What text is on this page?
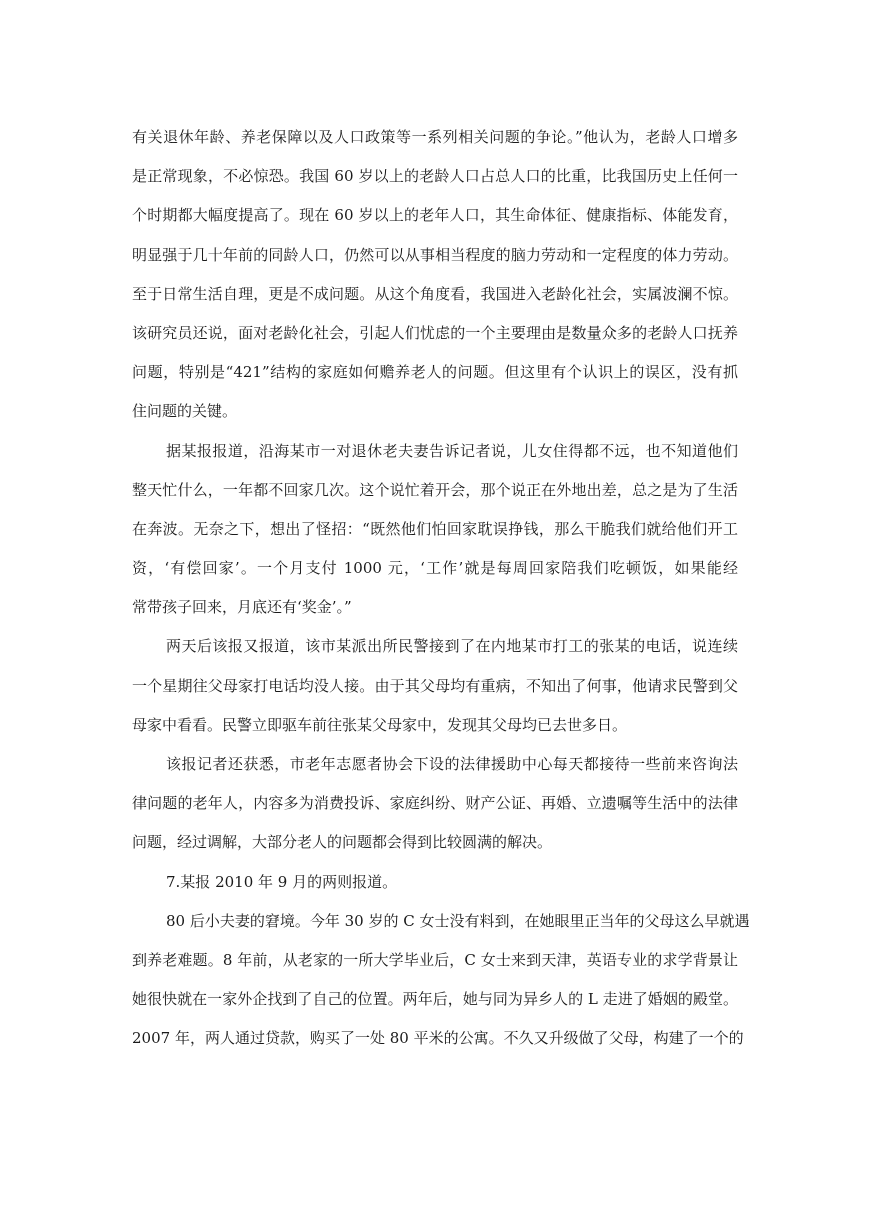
有关退休年龄、养老保障以及人口政策等一系列相关问题的争论。”他认为，老龄人口增多
是正常现象，不必惊恐。我国 60 岁以上的老龄人口占总人口的比重，比我国历史上任何一
个时期都大幅度提高了。现在 60 岁以上的老年人口，其生命体征、健康指标、体能发育，
明显强于几十年前的同龄人口，仍然可以从事相当程度的脑力劳动和一定程度的体力劳动。
至于日常生活自理，更是不成问题。从这个角度看，我国进入老龄化社会，实属波澜不惊。
该研究员还说，面对老龄化社会，引起人们忧虑的一个主要理由是数量众多的老龄人口抚养
问题，特别是“421”结构的家庭如何赡养老人的问题。但这里有个认识上的误区，没有抓
住问题的关键。
据某报报道，沿海某市一对退休老夫妻告诉记者说，儿女住得都不远，也不知道他们
整天忙什么，一年都不回家几次。这个说忙着开会，那个说正在外地出差，总之是为了生活
在奔波。无奈之下，想出了怪招：“既然他们怕回家耽误挣钱，那么干脆我们就给他们开工
资，‘有偿回家’。一个月支付 1000 元，‘工作’就是每周回家陪我们吃顿饭，如果能经
常带孩子回来，月底还有‘奖金’。”
两天后该报又报道，该市某派出所民警接到了在内地某市打工的张某的电话，说连续
一个星期往父母家打电话均没人接。由于其父母均有重病，不知出了何事，他请求民警到父
母家中看看。民警立即驱车前往张某父母家中，发现其父母均已去世多日。
该报记者还获悉，市老年志愿者协会下设的法律援助中心每天都接待一些前来咨询法
律问题的老年人，内容多为消费投诉、家庭纠纷、财产公证、再婚、立遗嘱等生活中的法律
问题，经过调解，大部分老人的问题都会得到比较圆满的解决。
7.某报 2010 年 9 月的两则报道。
80 后小夫妻的窘境。今年 30 岁的 C 女士没有料到，在她眼里正当年的父母这么早就遇
到养老难题。8 年前，从老家的一所大学毕业后，C 女士来到天津，英语专业的求学背景让
她很快就在一家外企找到了自己的位置。两年后，她与同为异乡人的 L 走进了婚姻的殿堂。
2007 年，两人通过贷款，购买了一处 80 平米的公寓。不久又升级做了父母，构建了一个的
